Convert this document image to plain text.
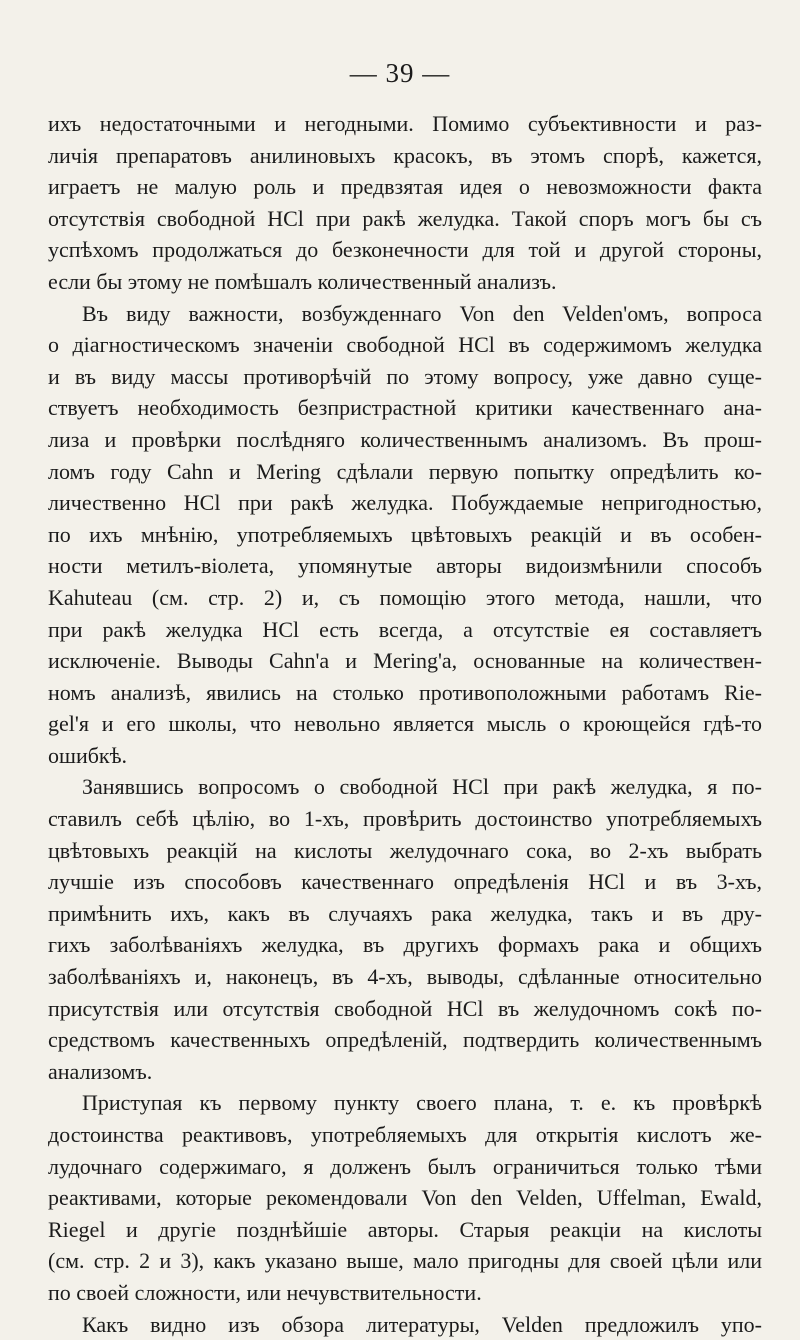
— 39 —
ихъ недостаточными и негодными. Помимо субъективности и раз-
личія препаратовъ анилиновыхъ красокъ, въ этомъ спорѣ, кажется,
играетъ не малую роль и предвзятая идея о невозможности факта
отсутствія свободной HCl при ракѣ желудка. Такой споръ могъ бы съ
успѣхомъ продолжаться до безконечности для той и другой стороны,
если бы этому не помѣшалъ количественный анализъ.
Въ виду важности, возбужденнаго Von den Velden'омъ, вопроса
о діагностическомъ значеніи свободной HCl въ содержимомъ желудка
и въ виду массы противорѣчій по этому вопросу, уже давно суще-
ствуетъ необходимость безпристрастной критики качественнаго ана-
лиза и провѣрки послѣдняго количественнымъ анализомъ. Въ прош-
ломъ году Cahn и Mering сдѣлали первую попытку опредѣлить ко-
личественно HCl при ракѣ желудка. Побуждаемые непригодностью,
по ихъ мнѣнію, употребляемыхъ цвѣтовыхъ реакцій и въ особен-
ности метилъ-віолета, упомянутые авторы видоизмѣнили способъ
Kahuteau (см. стр. 2) и, съ помощію этого метода, нашли, что
при ракѣ желудка HCl есть всегда, а отсутствіе ея составляетъ
исключеніе. Выводы Cahn'а и Mering'а, основанные на количествен-
номъ анализѣ, явились на столько противоположными работамъ Rie-
gel'я и его школы, что невольно является мысль о кроющейся гдѣ-то
ошибкѣ.
Занявшись вопросомъ о свободной HCl при ракѣ желудка, я по-
ставилъ себѣ цѣлію, во 1-хъ, провѣрить достоинство употребляемыхъ
цвѣтовыхъ реакцій на кислоты желудочнаго сока, во 2-хъ выбрать
лучшіе изъ способовъ качественнаго опредѣленія HCl и въ 3-хъ,
примѣнить ихъ, какъ въ случаяхъ рака желудка, такъ и въ дру-
гихъ заболѣваніяхъ желудка, въ другихъ формахъ рака и общихъ
заболѣваніяхъ и, наконецъ, въ 4-хъ, выводы, сдѣланные относительно
присутствія или отсутствія свободной HCl въ желудочномъ сокѣ по-
средствомъ качественныхъ опредѣленій, подтвердить количественнымъ
анализомъ.
Приступая къ первому пункту своего плана, т. е. къ провѣркѣ
достоинства реактивовъ, употребляемыхъ для открытія кислотъ же-
лудочнаго содержимаго, я долженъ былъ ограничиться только тѣми
реактивами, которые рекомендовали Von den Velden, Uffelman, Ewald,
Riegel и другіе позднѣйшіе авторы. Старыя реакціи на кислоты
(см. стр. 2 и 3), какъ указано выше, мало пригодны для своей цѣли или
по своей сложности, или нечувствительности.
Какъ видно изъ обзора литературы, Velden предложилъ упо-
